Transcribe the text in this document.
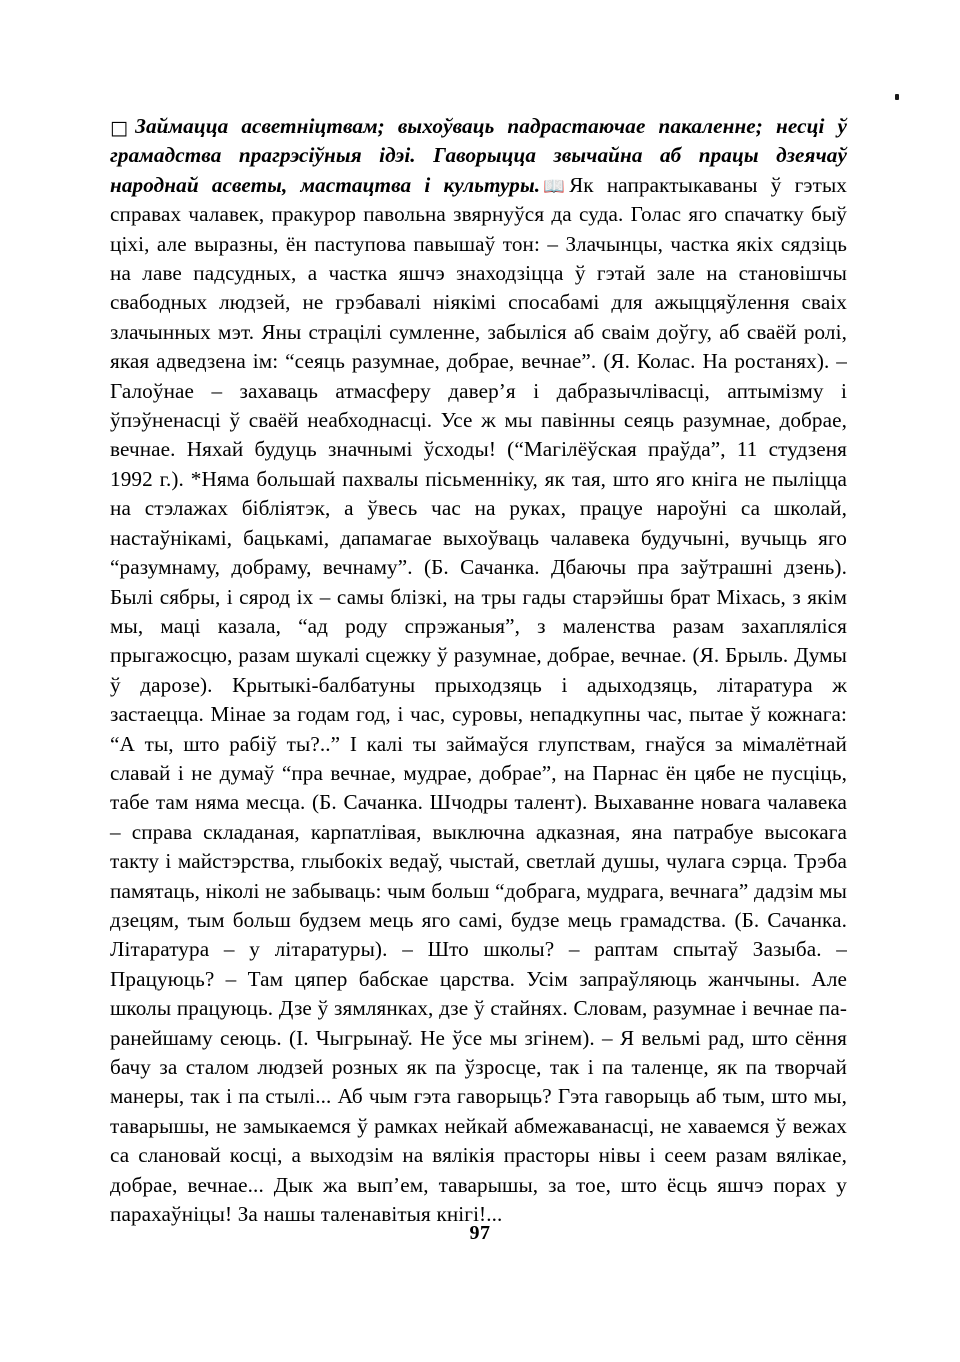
□ Займацца асветніцтвам; выхоўваць падрастаючае пакаленне; несці ў грамадства прагрэсіўныя ідэі. Гаворыцца звычайна аб працы дзеячаў народнай асветы, мастацтва і культуры. 📖 Як напрактыкаваны ў гэтых справах чалавек, пракурор павольна звярнуўся да суда. Голас яго спачатку быў ціхі, але выразны, ён паступова павышаў тон: – Злачынцы, частка якіх сядзіць на лаве падсудных, а частка яшчэ знаходзіцца ў гэтай зале на становішчы свабодных людзей, не грэбавалі ніякімі спосабамі для ажыццяўлення сваіх злачынных мэт. Яны страцілі сумленне, забыліся аб сваім доўгу, аб сваёй ролі, якая адведзена ім: “сеяць разумнае, добрае, вечнае”. (Я. Колас. На ростанях). – Галоўнае – захаваць атмасферу давер’я і дабразычлівасці, аптымізму і ўпэўненасці ў сваёй неабходнасці. Усе ж мы павінны сеяць разумнае, добрае, вечнае. Няхай будуць значнымі ўсходы! (“Магілёўская праўда”, 11 студзеня 1992 г.). *Няма большай пахвалы пісьменніку, як тая, што яго кніга не пыліцца на стэлажах бібліятэк, а ўвесь час на руках, працуе нароўні са школай, настаўнікамі, бацькамі, дапамагае выхоўваць чалавека будучыні, вучыць яго “разумнаму, добраму, вечнаму”. (Б. Сачанка. Дбаючы пра заўтрашні дзень). Былі сябры, і сярод іх – самы блізкі, на тры гады старэйшы брат Міхась, з якім мы, маці казала, “ад роду спрэжаныя”, з маленства разам захапляліся прыгажосцю, разам шукалі сцежку ў разумнае, добрае, вечнае. (Я. Брыль. Думы ў дарозе). Крытыкі-балбатуны прыходзяць і адыходзяць, літаратура ж застаецца. Мінае за годам год, і час, суровы, непадкупны час, пытае ў кожнага: “А ты, што рабіў ты?..” І калі ты займаўся глупствам, гнаўся за мімалётнай славай і не думаў “пра вечнае, мудрае, добрае”, на Парнас ён цябе не пусціць, табе там няма месца. (Б. Сачанка. Шчодры талент). Выхаванне новага чалавека – справа складаная, карпатлівая, выключна адказная, яна патрабуе высокага такту і майстэрства, глыбокіх ведаў, чыстай, светлай душы, чулага сэрца. Трэба памятаць, ніколі не забываць: чым больш “добрага, мудрага, вечнага” дадзім мы дзецям, тым больш будзем мець яго самі, будзе мець грамадства. (Б. Сачанка. Літаратура – у літаратуры). – Што школы? – раптам спытаў Зазыба. – Працуюць? – Там цяпер бабскае царства. Усім запраўляюць жанчыны. Але школы працуюць. Дзе ў зямлянках, дзе ў стайнях. Словам, разумнае і вечнае па-ранейшаму сеюць. (І. Чыгрынаў. Не ўсе мы згінем). – Я вельмі рад, што сёння бачу за сталом людзей розных як па ўзросце, так і па таленце, як па творчай манеры, так і па стылі... Аб чым гэта гаворыць? Гэта гаворыць аб тым, што мы, таварышы, не замыкаемся ў рамках нейкай абмежаванасці, не хаваемся ў вежах са слановай косці, а выходзім на вялікія прасторы нівы і сеем разам вялікае, добрае, вечнае... Дык жа вып’ем, таварышы, за тое, што ёсць яшчэ порах у парахаўніцы! За нашы таленавітыя кнігі!...

97
